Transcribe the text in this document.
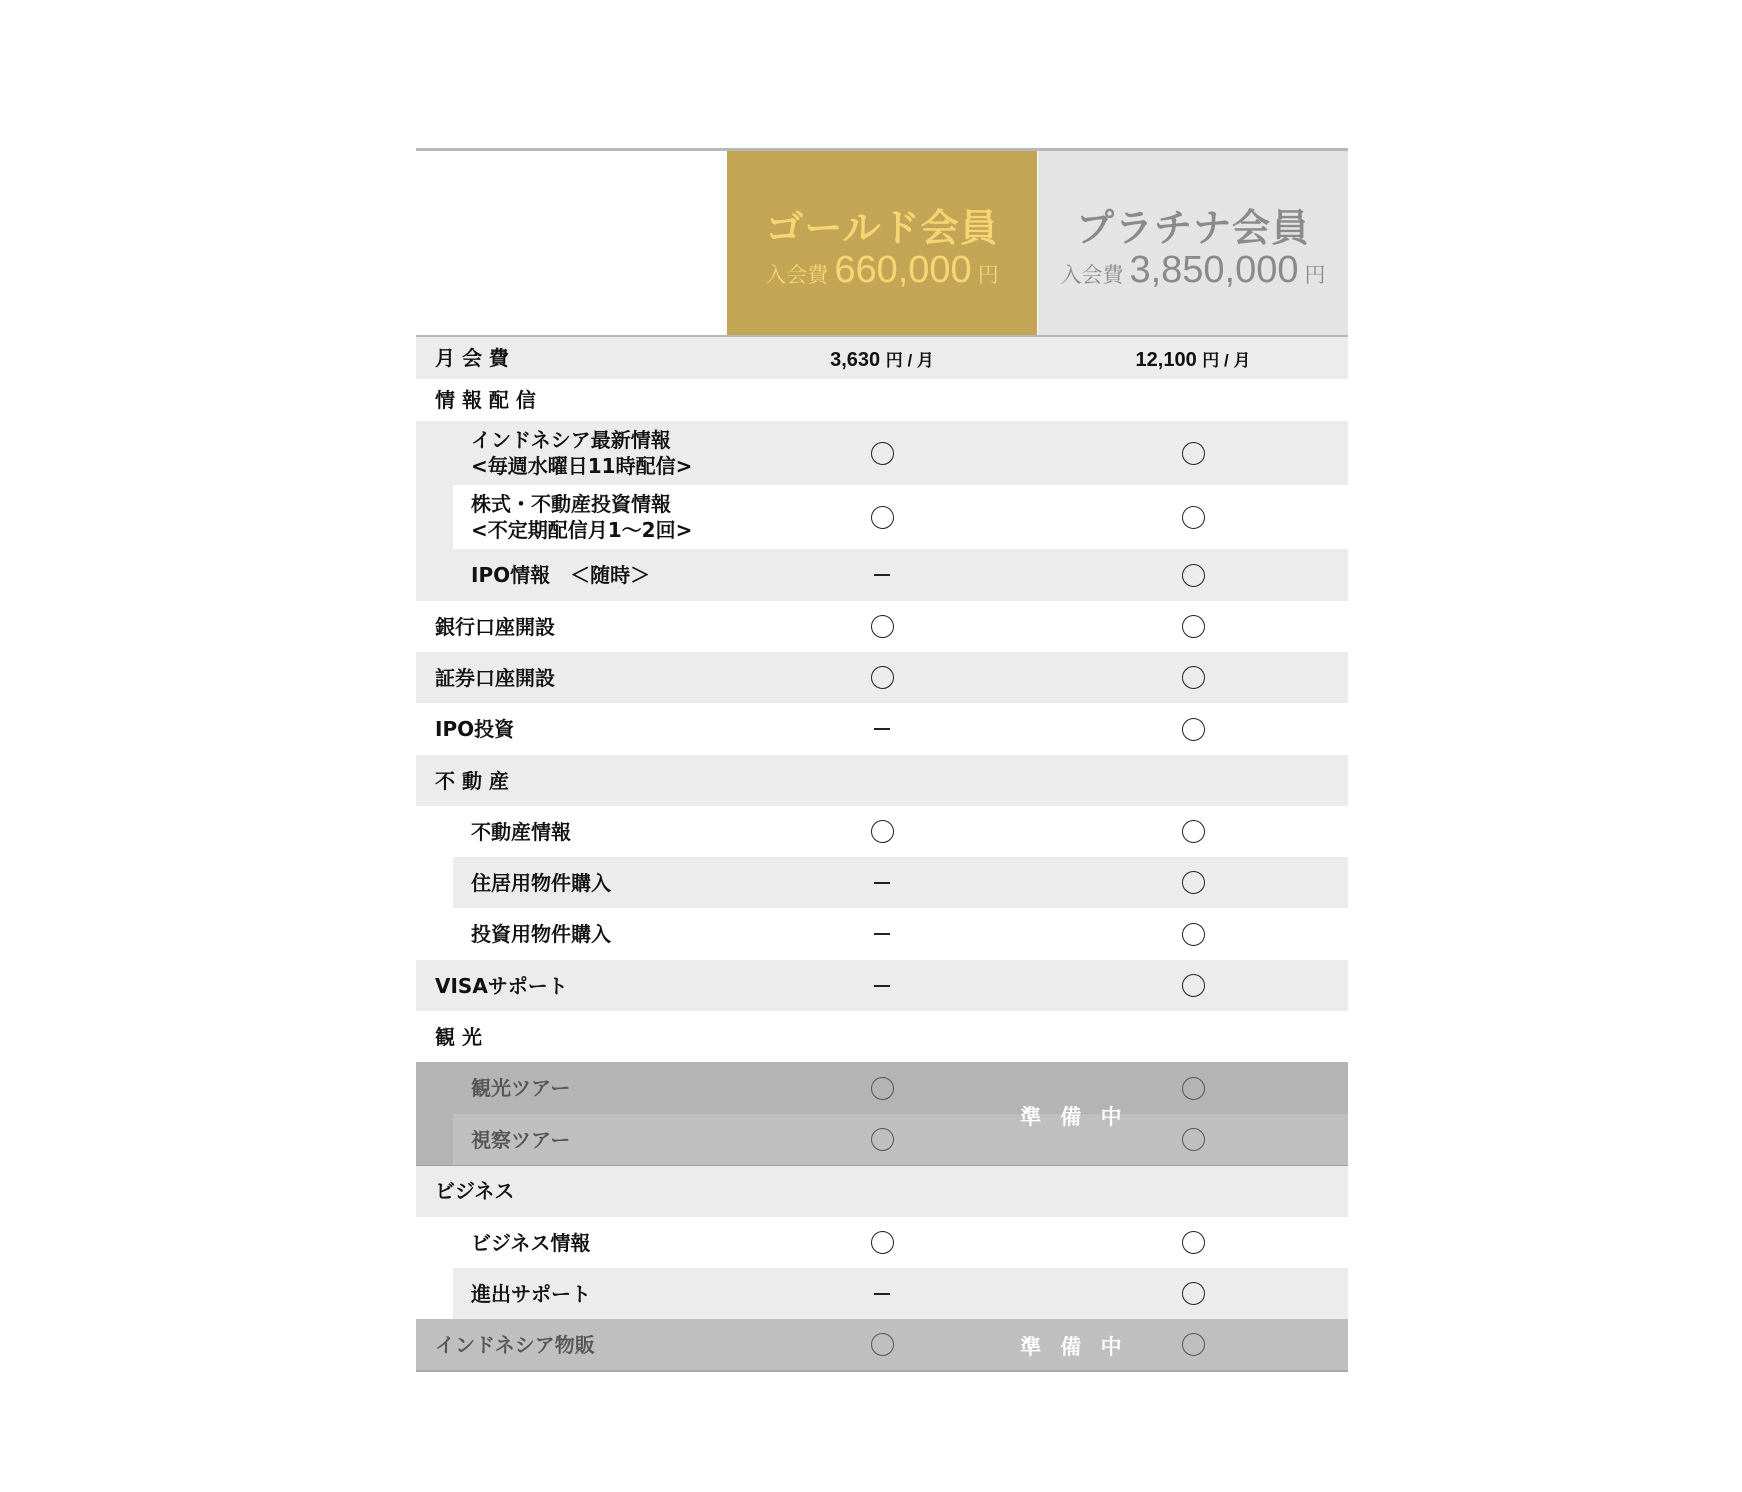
ゴールド会員
入会費 660,000 円
プラチナ会員
入会費 3,850,000 円
月 会 費	3,630 円 / 月	12,100 円 / 月
情 報 配 信
インドネシア最新情報
<毎週水曜日11時配信>
株式・不動産投資情報
<不定期配信月1〜2回>
IPO情報　＜随時＞
銀行口座開設
証券口座開設
IPO投資
不 動 産
不動産情報
住居用物件購入
投資用物件購入
VISAサポート
観 光
観光ツアー
視察ツアー
ビジネス
ビジネス情報
進出サポート
インドネシア物販
準 備 中
準 備 中
